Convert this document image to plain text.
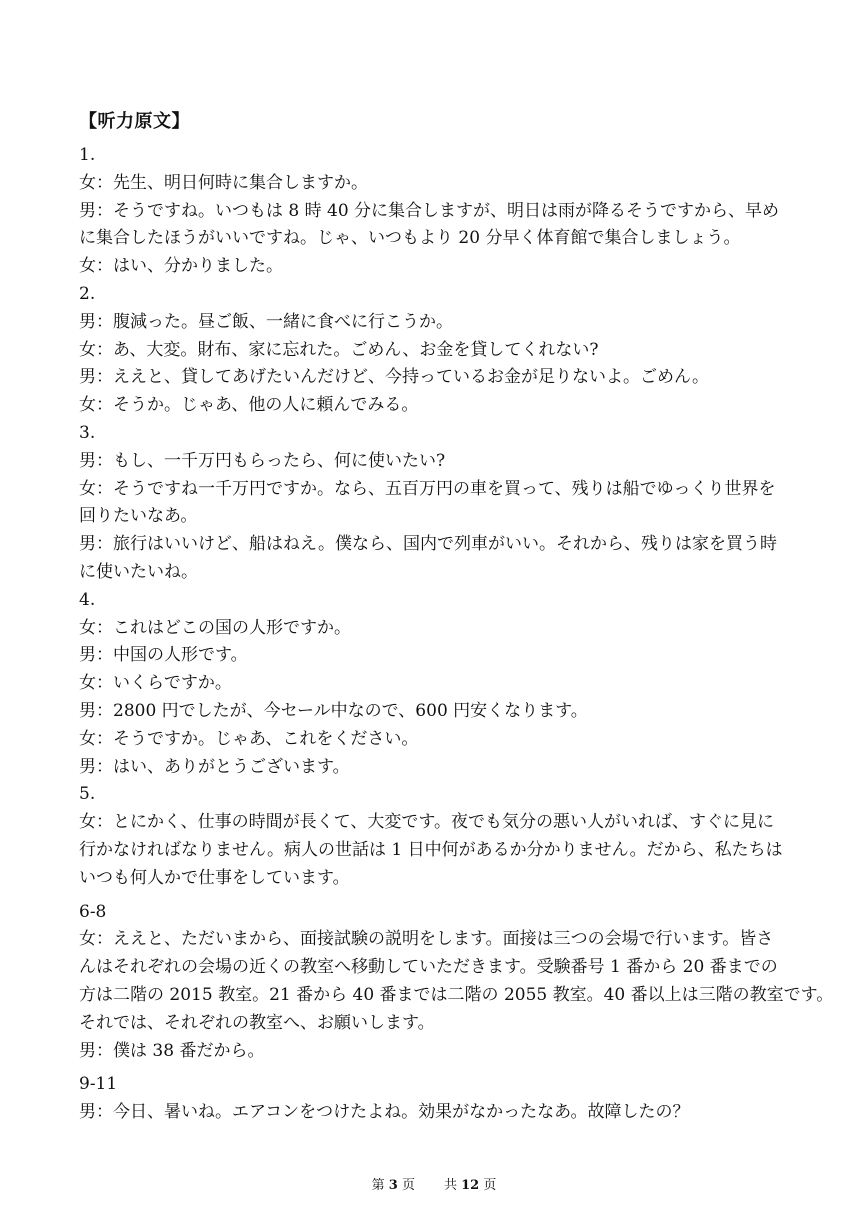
【听力原文】
1.
女：先生、明日何時に集合しますか。
男：そうですね。いつもは 8 時 40 分に集合しますが、明日は雨が降るそうですから、早め
に集合したほうがいいですね。じゃ、いつもより 20 分早く体育館で集合しましょう。
女：はい、分かりました。
2.
男：腹減った。昼ご飯、一緒に食べに行こうか。
女：あ、大変。財布、家に忘れた。ごめん、お金を貸してくれない?
男：ええと、貸してあげたいんだけど、今持っているお金が足りないよ。ごめん。
女：そうか。じゃあ、他の人に頼んでみる。
3.
男：もし、一千万円もらったら、何に使いたい?
女：そうですね一千万円ですか。なら、五百万円の車を買って、残りは船でゆっくり世界を
回りたいなあ。
男：旅行はいいけど、船はねえ。僕なら、国内で列車がいい。それから、残りは家を買う時
に使いたいね。
4.
女：これはどこの国の人形ですか。
男：中国の人形です。
女：いくらですか。
男：2800 円でしたが、今セール中なので、600 円安くなります。
女：そうですか。じゃあ、これをください。
男：はい、ありがとうございます。
5.
女：とにかく、仕事の時間が長くて、大変です。夜でも気分の悪い人がいれば、すぐに見に
行かなければなりません。病人の世話は 1 日中何があるか分かりません。だから、私たちは
いつも何人かで仕事をしています。
6-8
女：ええと、ただいまから、面接試験の説明をします。面接は三つの会場で行います。皆さ
んはそれぞれの会場の近くの教室へ移動していただきます。受験番号 1 番から 20 番までの
方は二階の 2015 教室。21 番から 40 番までは二階の 2055 教室。40 番以上は三階の教室です。
それでは、それぞれの教室へ、お願いします。
男：僕は 38 番だから。
9-11
男：今日、暑いね。エアコンをつけたよね。効果がなかったなあ。故障したの？
第 3 页 共 12 页
